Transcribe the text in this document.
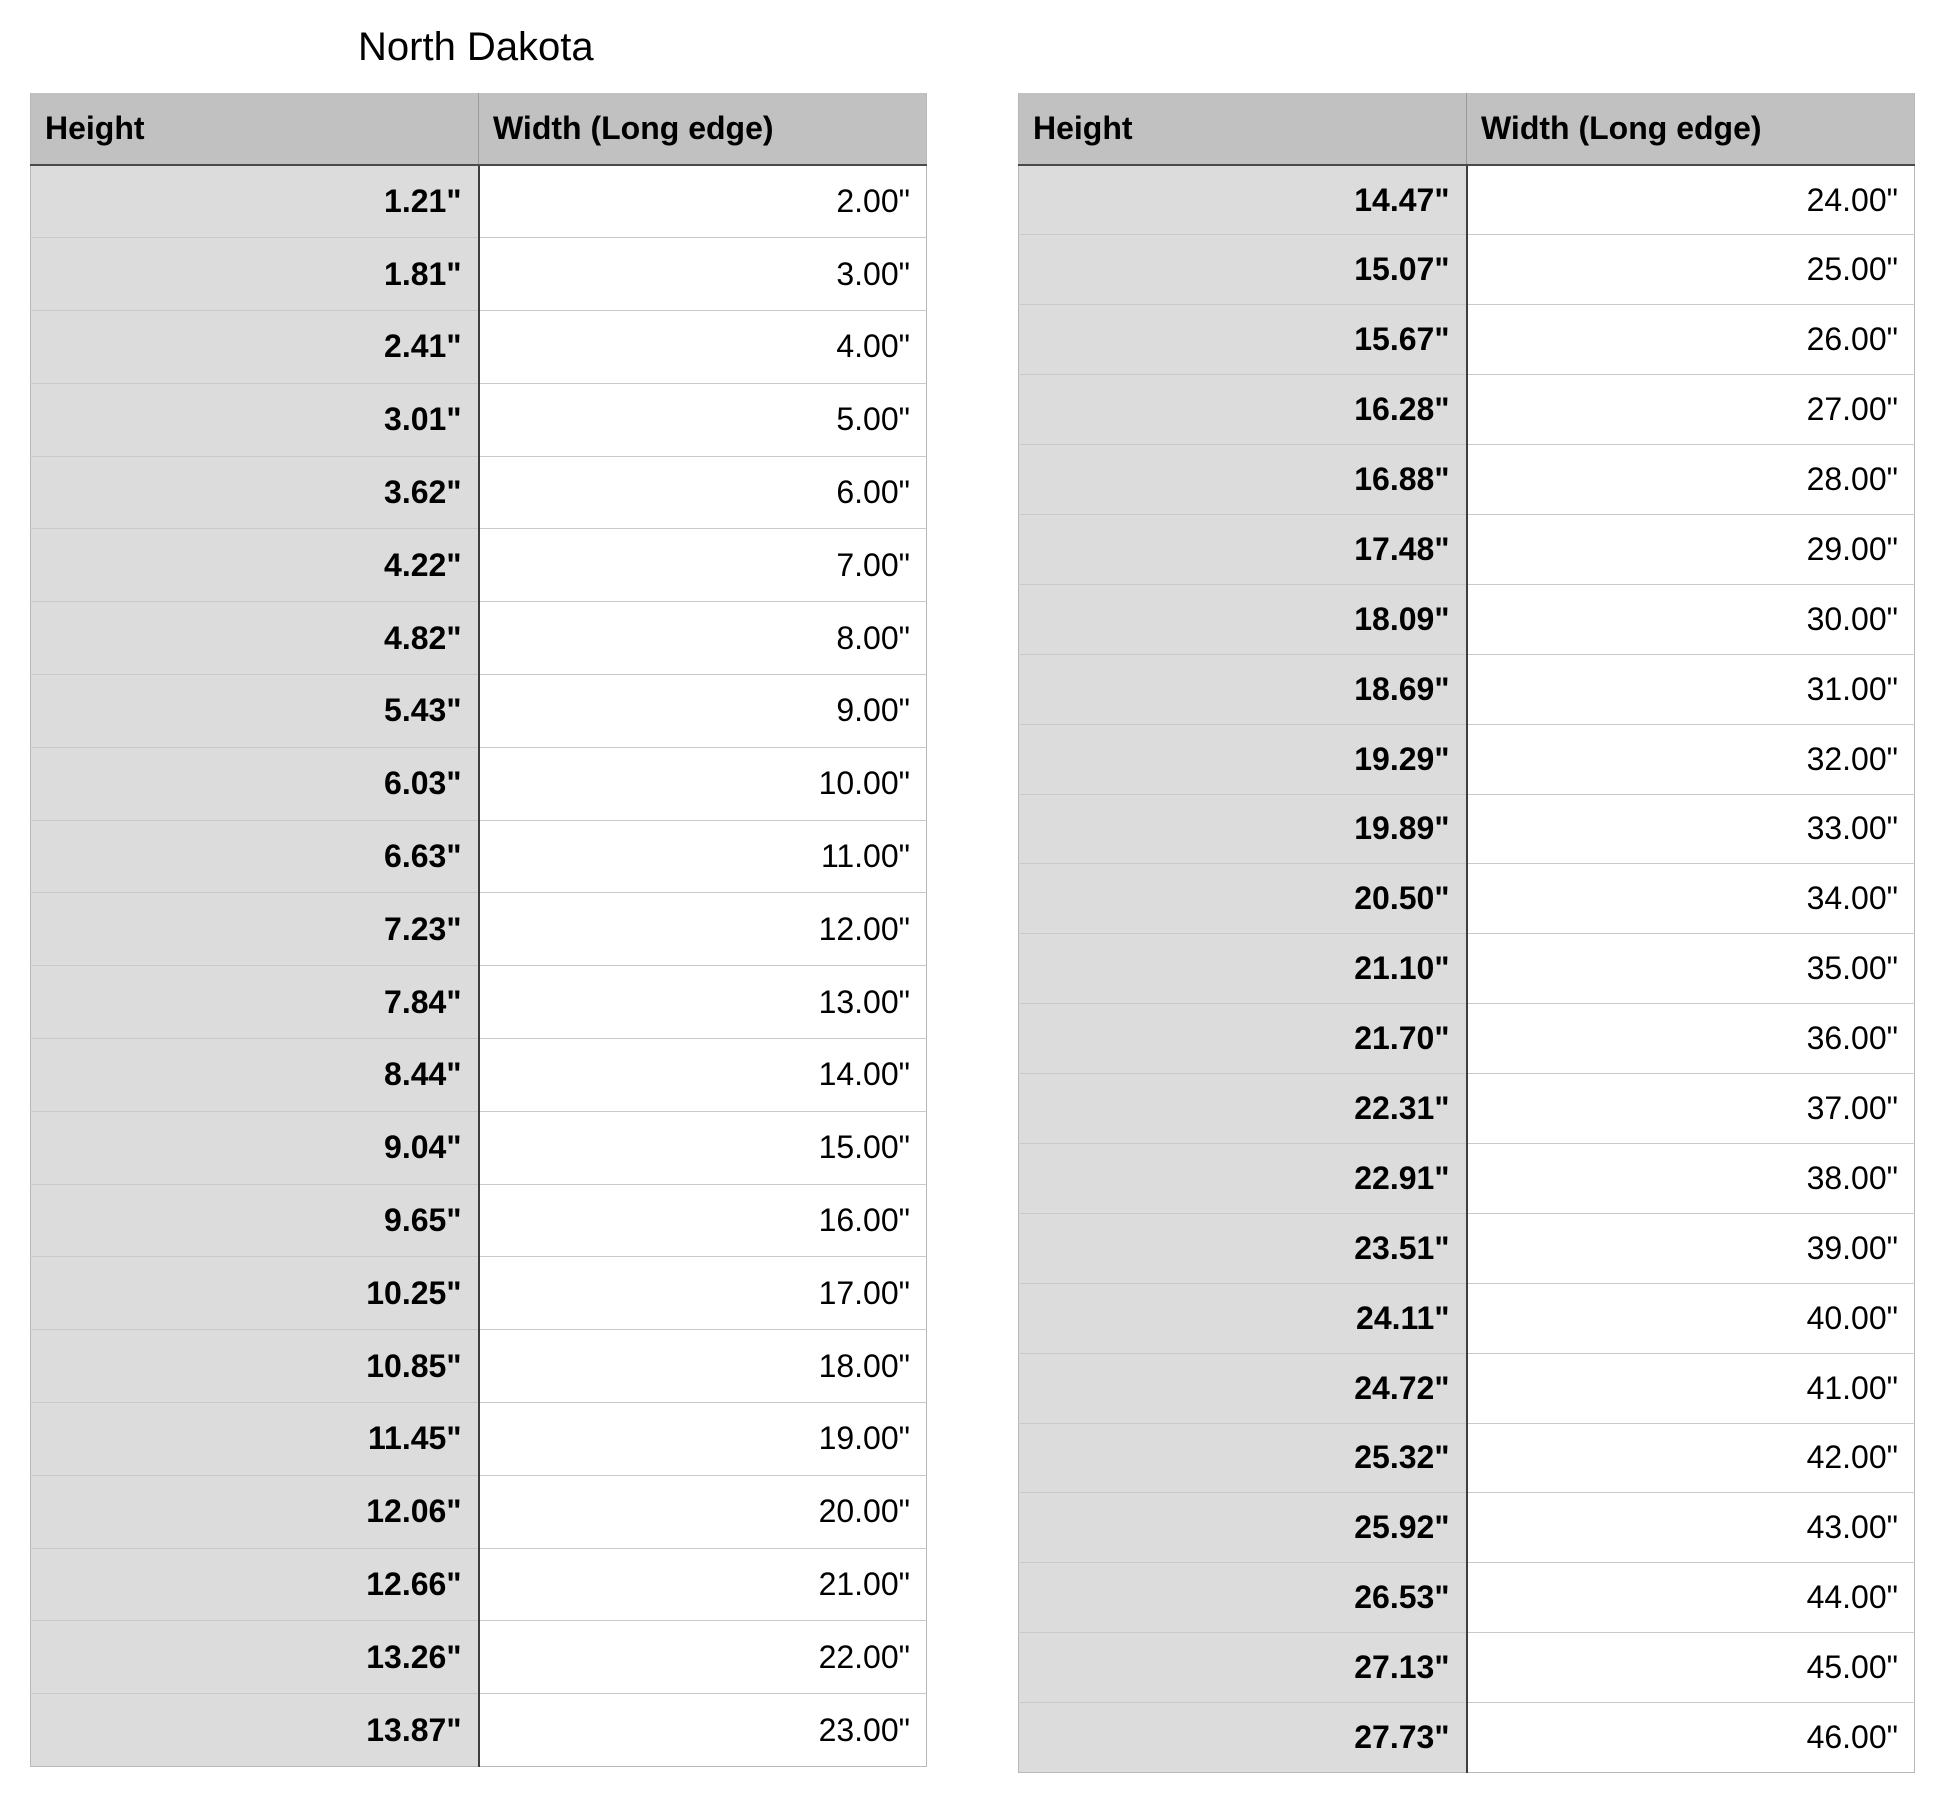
North Dakota
Height	Width (Long edge)
1.21"	2.00"
1.81"	3.00"
2.41"	4.00"
3.01"	5.00"
3.62"	6.00"
4.22"	7.00"
4.82"	8.00"
5.43"	9.00"
6.03"	10.00"
6.63"	11.00"
7.23"	12.00"
7.84"	13.00"
8.44"	14.00"
9.04"	15.00"
9.65"	16.00"
10.25"	17.00"
10.85"	18.00"
11.45"	19.00"
12.06"	20.00"
12.66"	21.00"
13.26"	22.00"
13.87"	23.00"
Height	Width (Long edge)
14.47"	24.00"
15.07"	25.00"
15.67"	26.00"
16.28"	27.00"
16.88"	28.00"
17.48"	29.00"
18.09"	30.00"
18.69"	31.00"
19.29"	32.00"
19.89"	33.00"
20.50"	34.00"
21.10"	35.00"
21.70"	36.00"
22.31"	37.00"
22.91"	38.00"
23.51"	39.00"
24.11"	40.00"
24.72"	41.00"
25.32"	42.00"
25.92"	43.00"
26.53"	44.00"
27.13"	45.00"
27.73"	46.00"
